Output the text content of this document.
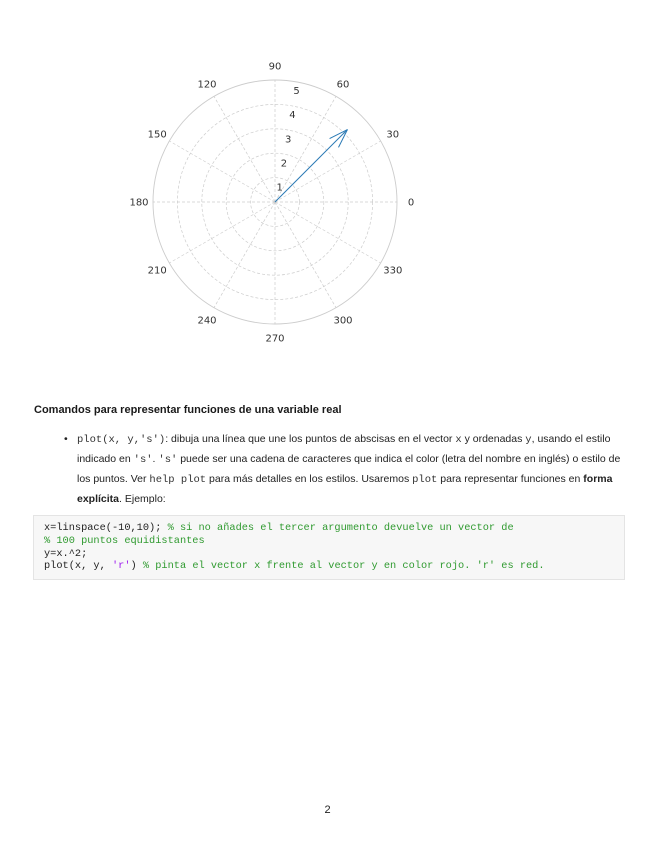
0
30
60
90
120
150
180
210
240
270
300
330
1
2
3
4
5
Comandos para representar funciones de una variable real
• plot(x, y,'s'): dibuja una línea que une los puntos de abscisas en el vector x y ordenadas y, usando el estilo indicado en 's'. 's' puede ser una cadena de caracteres que indica el color (letra del nombre en inglés) o estilo de los puntos. Ver help plot para más detalles en los estilos. Usaremos plot para representar funciones en forma explícita. Ejemplo:
x=linspace(-10,10); % si no añades el tercer argumento devuelve un vector de
% 100 puntos equidistantes
y=x.^2;
plot(x, y, 'r') % pinta el vector x frente al vector y en color rojo. 'r' es red.
2
